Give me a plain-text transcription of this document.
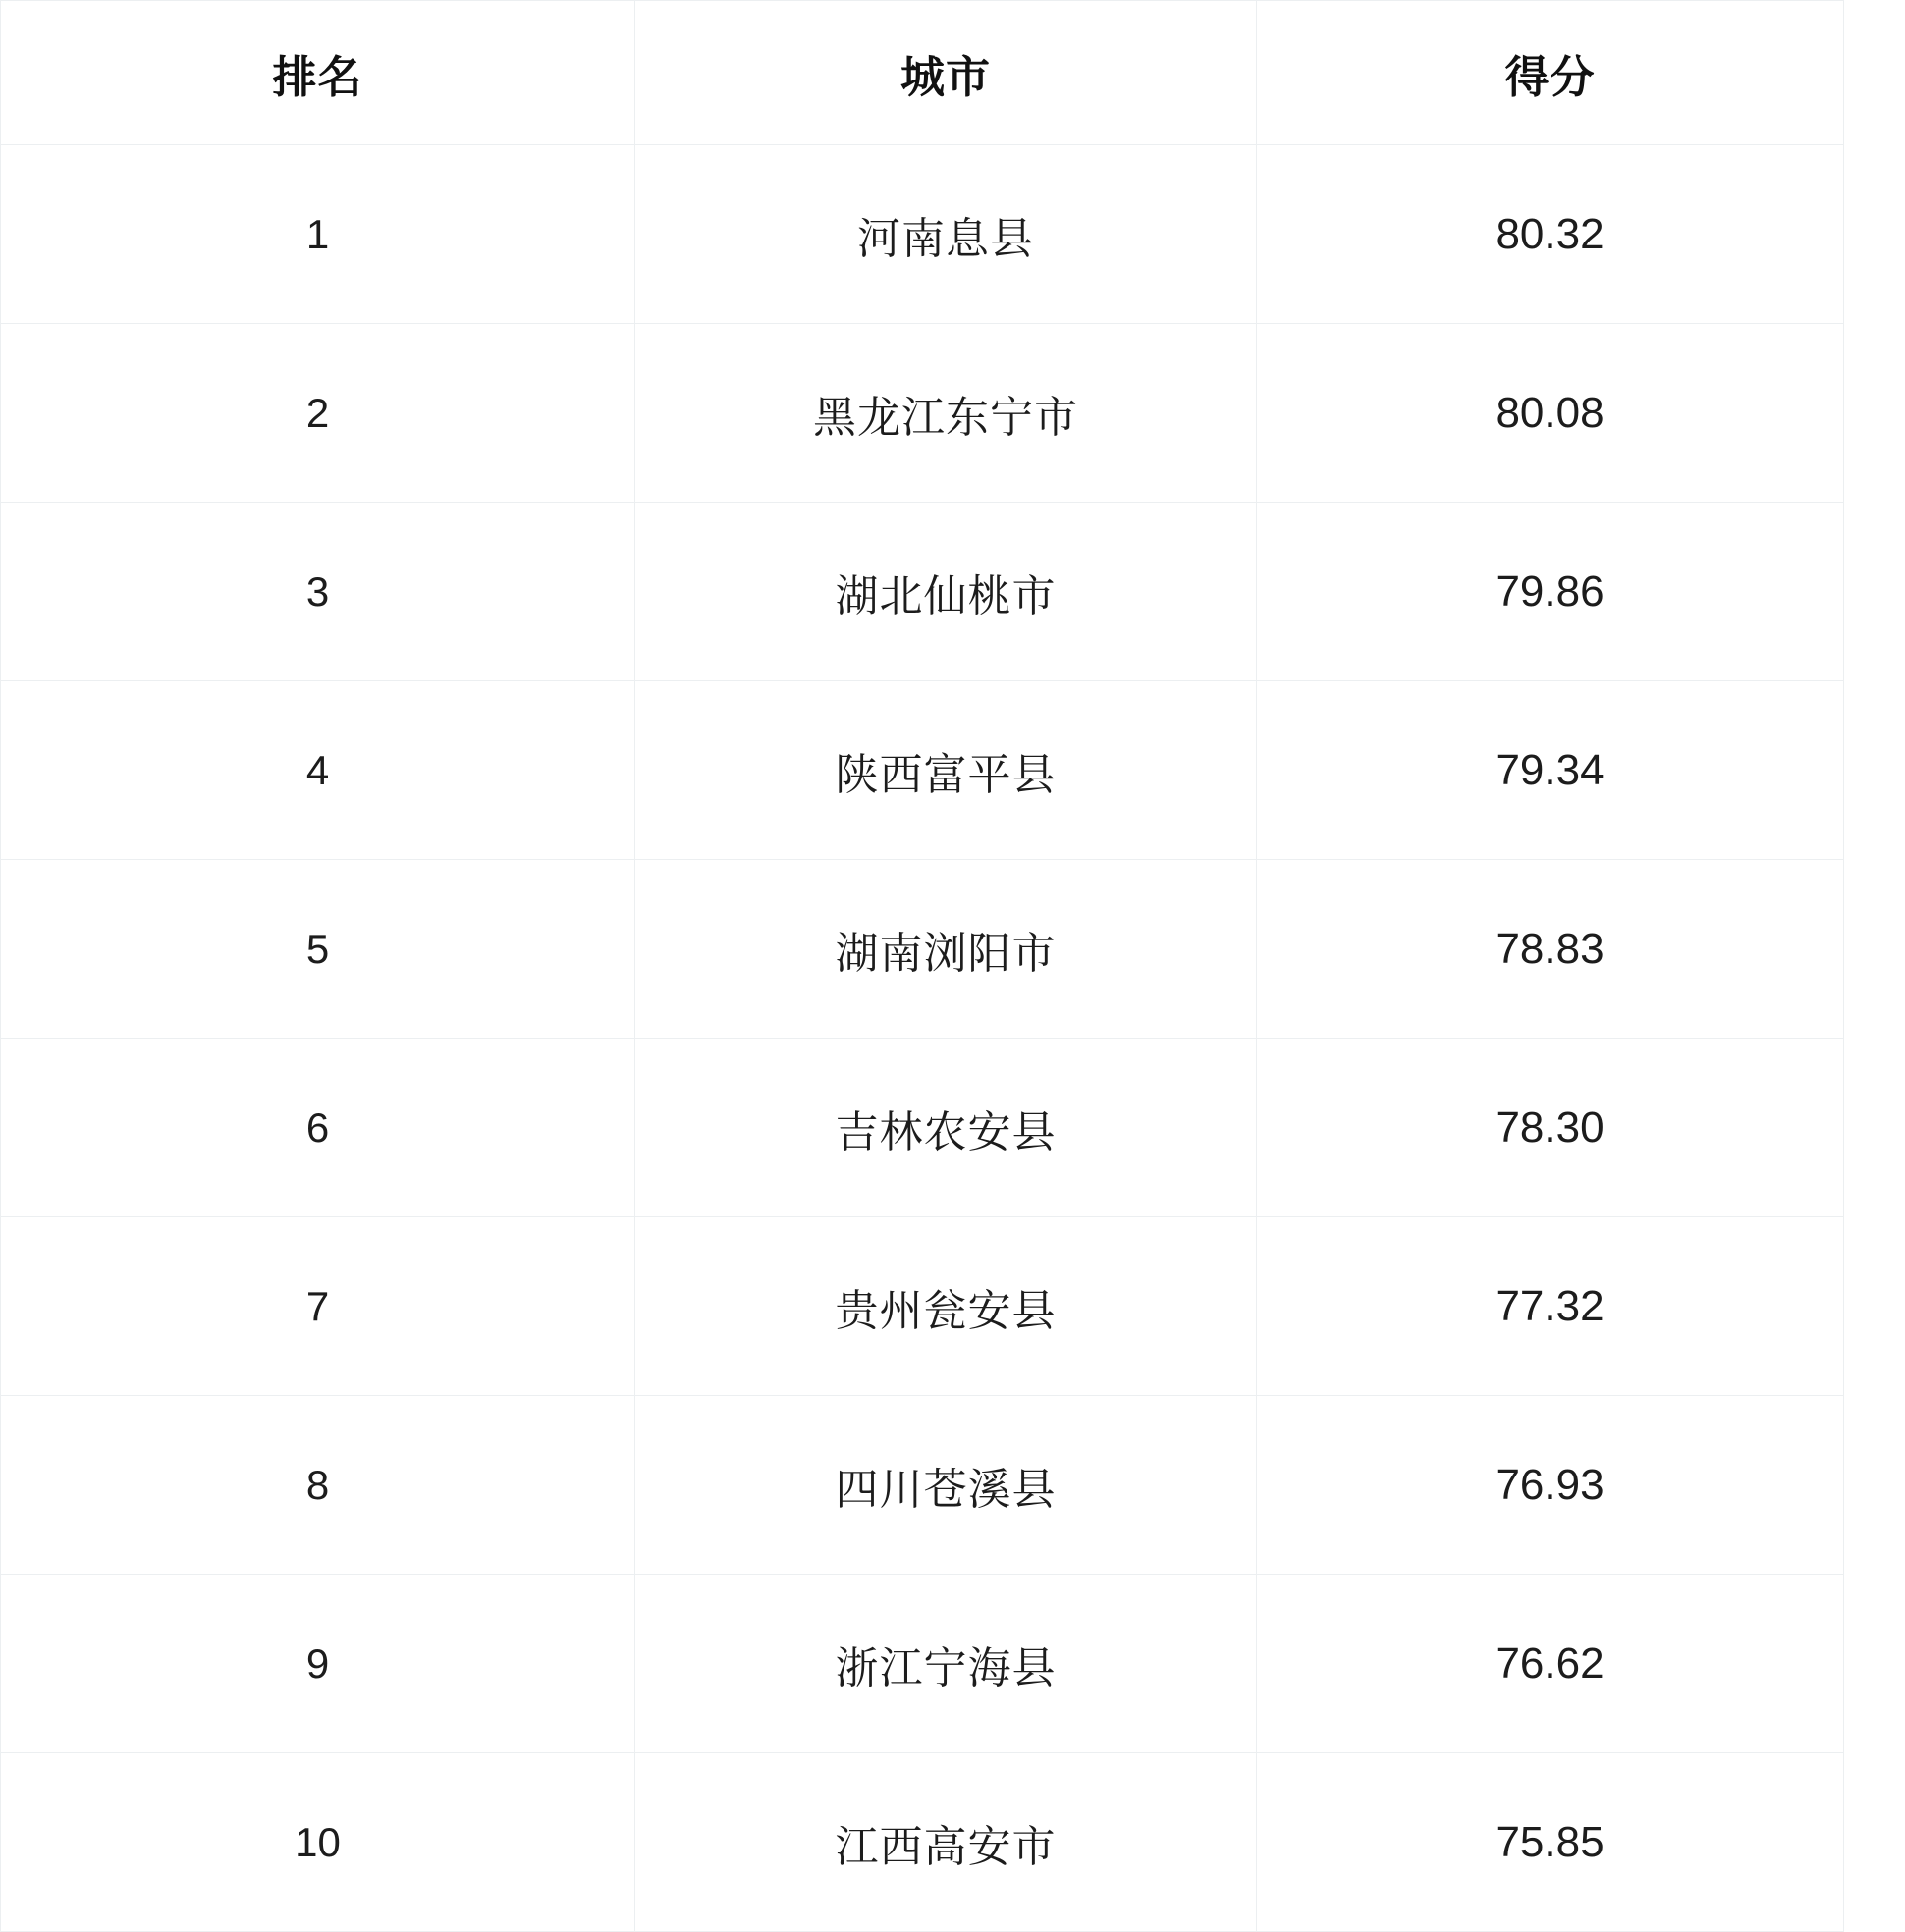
排名	城市	得分
1	河南息县	80.32
2	黑龙江东宁市	80.08
3	湖北仙桃市	79.86
4	陕西富平县	79.34
5	湖南浏阳市	78.83
6	吉林农安县	78.30
7	贵州瓮安县	77.32
8	四川苍溪县	76.93
9	浙江宁海县	76.62
10	江西高安市	75.85
